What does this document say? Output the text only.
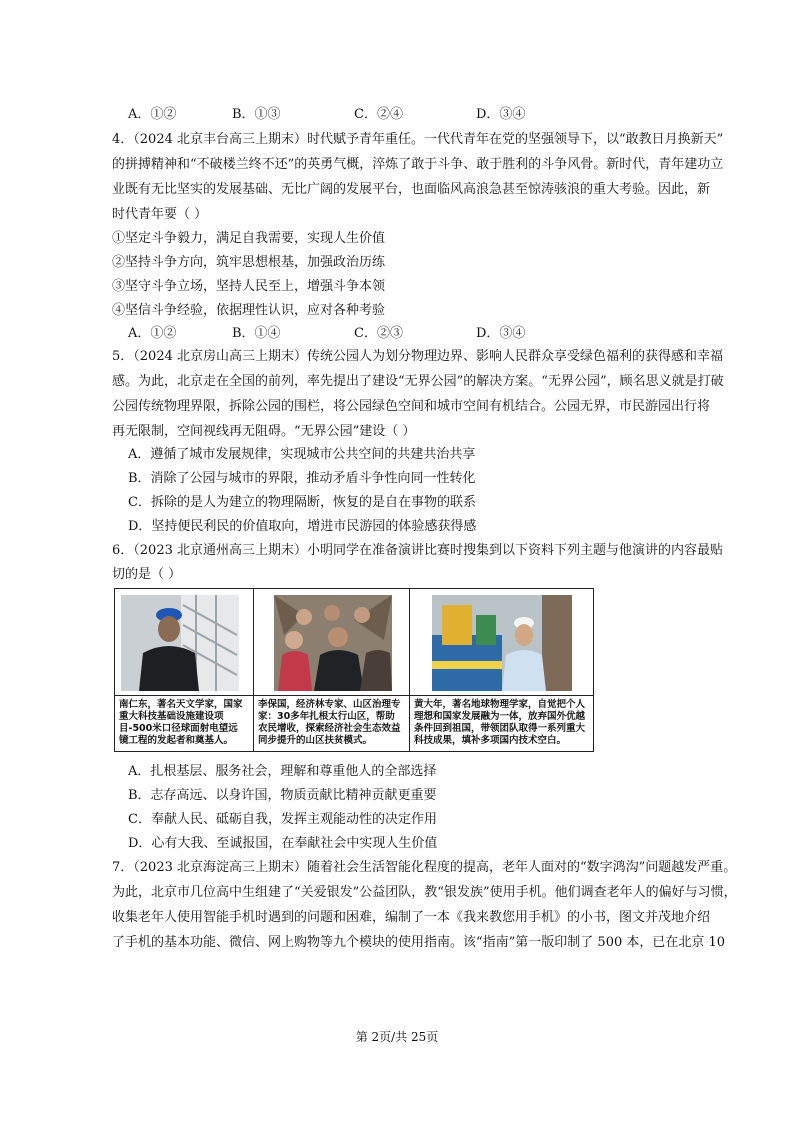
A．①②	B．①③	C．②④	D．③④
4．（2024 北京丰台高三上期末）时代赋予青年重任。一代代青年在党的坚强领导下，以“敢教日月换新天”
的拼搏精神和“不破楼兰终不还”的英勇气概，淬炼了敢于斗争、敢于胜利的斗争风骨。新时代，青年建功立
业既有无比坚实的发展基础、无比广阔的发展平台，也面临风高浪急甚至惊涛骇浪的重大考验。因此，新
时代青年要（ ）
①坚定斗争毅力，满足自我需要，实现人生价值
②坚持斗争方向，筑牢思想根基，加强政治历练
③坚守斗争立场，坚持人民至上，增强斗争本领
④坚信斗争经验，依据理性认识，应对各种考验
A．①②	B．①④	C．②③	D．③④
5．（2024 北京房山高三上期末）传统公园人为划分物理边界、影响人民群众享受绿色福利的获得感和幸福
感。为此，北京走在全国的前列，率先提出了建设“无界公园”的解决方案。“无界公园”，顾名思义就是打破
公园传统物理界限，拆除公园的围栏，将公园绿色空间和城市空间有机结合。公园无界，市民游园出行将
再无限制，空间视线再无阻碍。“无界公园”建设（ ）
A．遵循了城市发展规律，实现城市公共空间的共建共治共享
B．消除了公园与城市的界限，推动矛盾斗争性向同一性转化
C．拆除的是人为建立的物理隔断，恢复的是自在事物的联系
D．坚持便民利民的价值取向，增进市民游园的体验感获得感
6．（2023 北京通州高三上期末）小明同学在准备演讲比赛时搜集到以下资料下列主题与他演讲的内容最贴
切的是（ ）
南仁东，著名天文学家，国家重大科技基础设施建设项目-500米口径球面射电望远镜工程的发起者和奠基人。
李保国，经济林专家、山区治理专家：30多年扎根太行山区，帮助农民增收，探索经济社会生态效益同步提升的山区扶贫模式。
黄大年，著名地球物理学家，自觉把个人理想和国家发展融为一体，放弃国外优越条件回到祖国，带领团队取得一系列重大科技成果，填补多项国内技术空白。
A．扎根基层、服务社会，理解和尊重他人的全部选择
B．志存高远、以身许国，物质贡献比精神贡献更重要
C．奉献人民、砥砺自我，发挥主观能动性的决定作用
D．心有大我、至诚报国，在奉献社会中实现人生价值
7．（2023 北京海淀高三上期末）随着社会生活智能化程度的提高，老年人面对的“数字鸿沟”问题越发严重。
为此，北京市几位高中生组建了“关爱银发”公益团队，教“银发族”使用手机。他们调查老年人的偏好与习惯，
收集老年人使用智能手机时遇到的问题和困难，编制了一本《我来教您用手机》的小书，图文并茂地介绍
了手机的基本功能、微信、网上购物等九个模块的使用指南。该“指南”第一版印制了 500 本，已在北京 10
第 2页/共 25页
